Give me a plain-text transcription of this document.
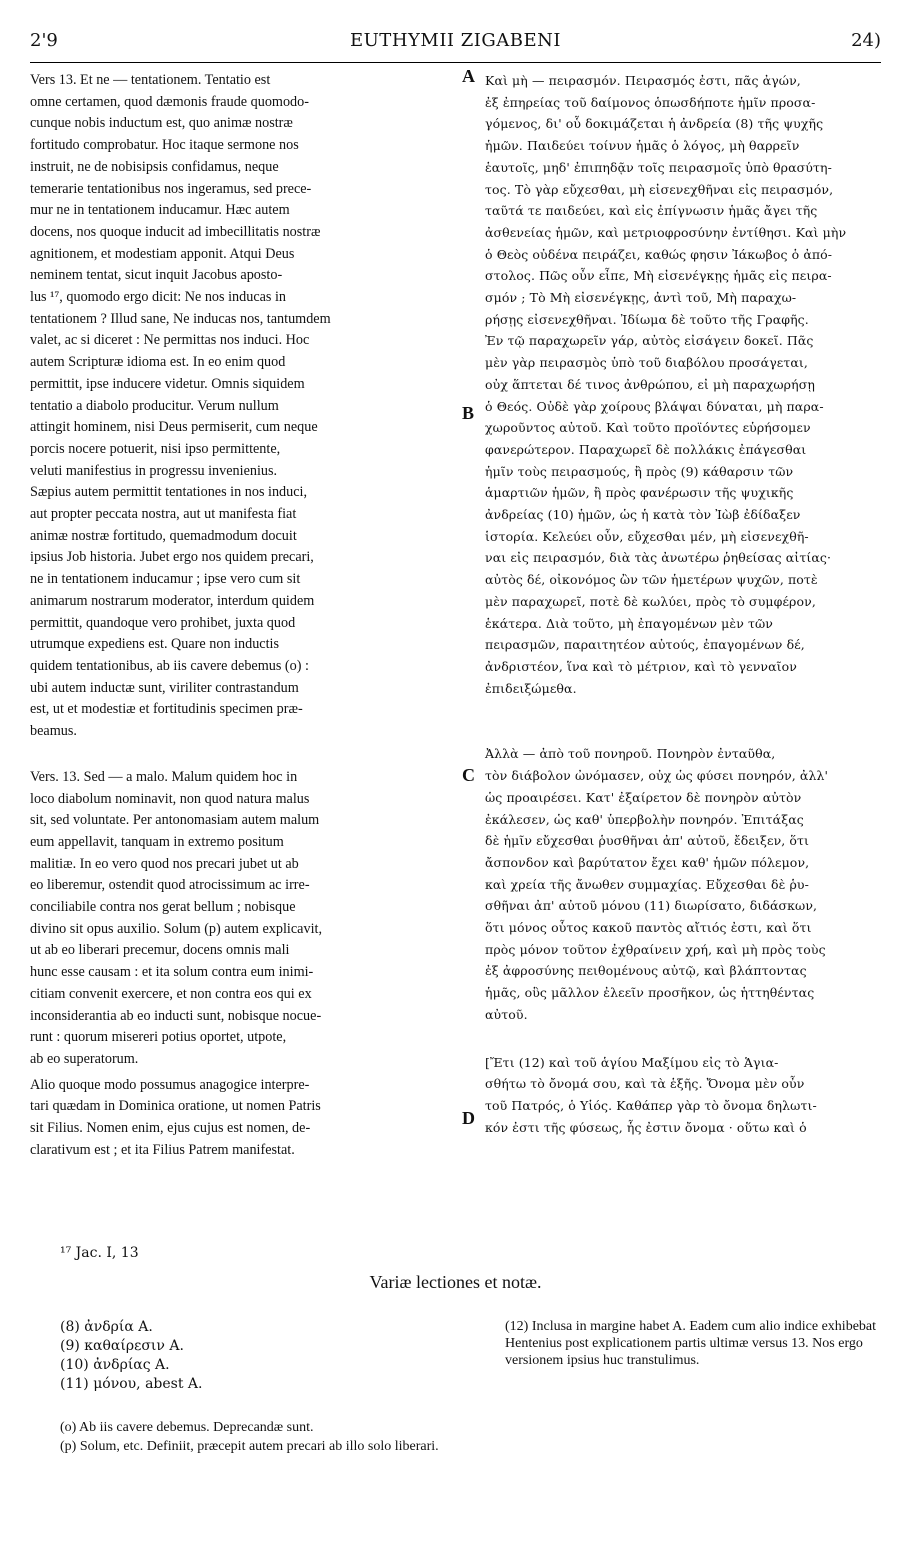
2'9	EUTHYMII ZIGABENI	24)

Vers 13. Et ne — tentationem. Tentatio est
omne certamen, quod dæmonis fraude quomodo-
cunque nobis inductum est, quo animæ nostræ
fortitudo comprobatur. Hoc itaque sermone nos
instruit, ne de nobisipsis confidamus, neque
temerarie tentationibus nos ingeramus, sed prece-
mur ne in tentationem inducamur. Hæc autem
docens, nos quoque inducit ad imbecillitatis nostræ
agnitionem, et modestiam apponit. Atqui Deus
neminem tentat, sicut inquit Jacobus aposto-
lus ¹⁷, quomodo ergo dicit: Ne nos inducas in
tentationem ? Illud sane, Ne inducas nos, tantumdem
valet, ac si diceret : Ne permittas nos induci. Hoc
autem Scripturæ idioma est. In eo enim quod
permittit, ipse inducere videtur. Omnis siquidem
tentatio a diabolo producitur. Verum nullum
attingit hominem, nisi Deus permiserit, cum neque
porcis nocere potuerit, nisi ipso permittente,
veluti manifestius in progressu invenienius.
Sæpius autem permittit tentationes in nos induci,
aut propter peccata nostra, aut ut manifesta fiat
animæ nostræ fortitudo, quemadmodum docuit
ipsius Job historia. Jubet ergo nos quidem precari,
ne in tentationem inducamur ; ipse vero cum sit
animarum nostrarum moderator, interdum quidem
permittit, quandoque vero prohibet, juxta quod
utrumque expediens est. Quare non inductis
quidem tentationibus, ab iis cavere debemus (o) :
ubi autem inductæ sunt, viriliter contrastandum
est, ut et modestiæ et fortitudinis specimen præ-
beamus.

Vers. 13. Sed — a malo. Malum quidem hoc in
loco diabolum nominavit, non quod natura malus
sit, sed voluntate. Per antonomasiam autem malum
eum appellavit, tanquam in extremo positum
malitiæ. In eo vero quod nos precari jubet ut ab
eo liberemur, ostendit quod atrocissimum ac irre-
conciliabile contra nos gerat bellum ; nobisque
divino sit opus auxilio. Solum (p) autem explicavit,
ut ab eo liberari precemur, docens omnis mali
hunc esse causam : et ita solum contra eum inimi-
citiam convenit exercere, et non contra eos qui ex
inconsiderantia ab eo inducti sunt, nobisque nocue-
runt : quorum misereri potius oportet, utpote,
ab eo superatorum.

Alio quoque modo possumus anagogice interpre-
tari quædam in Dominica oratione, ut nomen Patris
sit Filius. Nomen enim, ejus cujus est nomen, de-
clarativum est ; et ita Filius Patrem manifestat.

Καὶ μὴ — πειρασμόν. Πειρασμός ἐστι, πᾶς ἀγών,
ἐξ ἐπηρείας τοῦ δαίμονος ὁπωσδήποτε ἡμῖν προσα-
γόμενος, δι' οὗ δοκιμάζεται ἡ ἀνδρεία (8) τῆς ψυχῆς
ἡμῶν. Παιδεύει τοίνυν ἡμᾶς ὁ λόγος, μὴ θαρρεῖν
ἑαυτοῖς, μηδ' ἐπιπηδᾷν τοῖς πειρασμοῖς ὑπὸ θρασύτη-
τος. Τὸ γὰρ εὔχεσθαι, μὴ εἰσενεχθῆναι εἰς πειρασμόν,
ταῦτά τε παιδεύει, καὶ εἰς ἐπίγνωσιν ἡμᾶς ἄγει τῆς
ἀσθενείας ἡμῶν, καὶ μετριοφροσύνην ἐντίθησι. Καὶ μὴν
ὁ Θεὸς οὐδένα πειράζει, καθώς φησιν Ἰάκωβος ὁ ἀπό-
στολος. Πῶς οὖν εἶπε, Μὴ εἰσενέγκῃς ἡμᾶς εἰς πειρα-
σμόν ; Τὸ Μὴ εἰσενέγκῃς, ἀντὶ τοῦ, Μὴ παραχω-
ρήσῃς εἰσενεχθῆναι. Ἰδίωμα δὲ τοῦτο τῆς Γραφῆς.
Ἐν τῷ παραχωρεῖν γάρ, αὐτὸς εἰσάγειν δοκεῖ. Πᾶς
μὲν γὰρ πειρασμὸς ὑπὸ τοῦ διαβόλου προσάγεται,
οὐχ ἅπτεται δέ τινος ἀνθρώπου, εἰ μὴ παραχωρήσῃ
ὁ Θεός. Οὐδὲ γὰρ χοίρους βλάψαι δύναται, μὴ παρα-
χωροῦντος αὐτοῦ. Καὶ τοῦτο προϊόντες εὑρήσομεν
φανερώτερον. Παραχωρεῖ δὲ πολλάκις ἐπάγεσθαι
ἡμῖν τοὺς πειρασμούς, ἢ πρὸς (9) κάθαρσιν τῶν
ἁμαρτιῶν ἡμῶν, ἢ πρὸς φανέρωσιν τῆς ψυχικῆς
ἀνδρείας (10) ἡμῶν, ὡς ἡ κατὰ τὸν Ἰὼβ ἐδίδαξεν
ἱστορία. Κελεύει οὖν, εὔχεσθαι μέν, μὴ εἰσενεχθῆ-
ναι εἰς πειρασμόν, διὰ τὰς ἀνωτέρω ῥηθείσας αἰτίας·
αὐτὸς δέ, οἰκονόμος ὢν τῶν ἡμετέρων ψυχῶν, ποτὲ
μὲν παραχωρεῖ, ποτὲ δὲ κωλύει, πρὸς τὸ συμφέρον,
ἑκάτερα. Διὰ τοῦτο, μὴ ἐπαγομένων μὲν τῶν
πειρασμῶν, παραιτητέον αὐτούς, ἐπαγομένων δέ,
ἀνδριστέον, ἵνα καὶ τὸ μέτριον, καὶ τὸ γενναῖον
ἐπιδειξώμεθα.

Ἀλλὰ — ἀπὸ τοῦ πονηροῦ. Πονηρὸν ἐνταῦθα,
τὸν διάβολον ὠνόμασεν, οὐχ ὡς φύσει πονηρόν, ἀλλ'
ὡς προαιρέσει. Κατ' ἐξαίρετον δὲ πονηρὸν αὐτὸν
ἐκάλεσεν, ὡς καθ' ὑπερβολὴν πονηρόν. Ἐπιτάξας
δὲ ἡμῖν εὔχεσθαι ῥυσθῆναι ἀπ' αὐτοῦ, ἔδειξεν, ὅτι
ἄσπονδον καὶ βαρύτατον ἔχει καθ' ἡμῶν πόλεμον,
καὶ χρεία τῆς ἄνωθεν συμμαχίας. Εὔχεσθαι δὲ ῥυ-
σθῆναι ἀπ' αὐτοῦ μόνου (11) διωρίσατο, διδάσκων,
ὅτι μόνος οὗτος κακοῦ παντὸς αἴτιός ἐστι, καὶ ὅτι
πρὸς μόνον τοῦτον ἐχθραίνειν χρή, καὶ μὴ πρὸς τοὺς
ἐξ ἀφροσύνης πειθομένους αὐτῷ, καὶ βλάπτοντας
ἡμᾶς, οὓς μᾶλλον ἐλεεῖν προσῆκον, ὡς ἡττηθέντας
αὐτοῦ.

[Ἔτι (12) καὶ τοῦ ἁγίου Μαξίμου εἰς τὸ Ἁγια-
σθήτω τὸ ὄνομά σου, καὶ τὰ ἑξῆς. Ὄνομα μὲν οὖν
τοῦ Πατρός, ὁ Υἱός. Καθάπερ γὰρ τὸ ὄνομα δηλωτι-
κόν ἐστι τῆς φύσεως, ἧς ἐστιν ὄνομα · οὕτω καὶ ὁ

A
B
C
D
¹⁷ Jac. I, 13
Variæ lectiones et notæ.
(8) ἀνδρία A.
(9) καθαίρεσιν A.
(10) ἀνδρίας A.
(11) μόνου, abest A.
(12) Inclusa in margine habet A. Eadem cum alio indice exhibebat Hentenius post explicationem partis ultimæ versus 13. Nos ergo versionem ipsius huc transtulimus.
(o) Ab iis cavere debemus. Deprecandæ sunt.
(p) Solum, etc. Definiit, præcepit autem precari ab illo solo liberari.
